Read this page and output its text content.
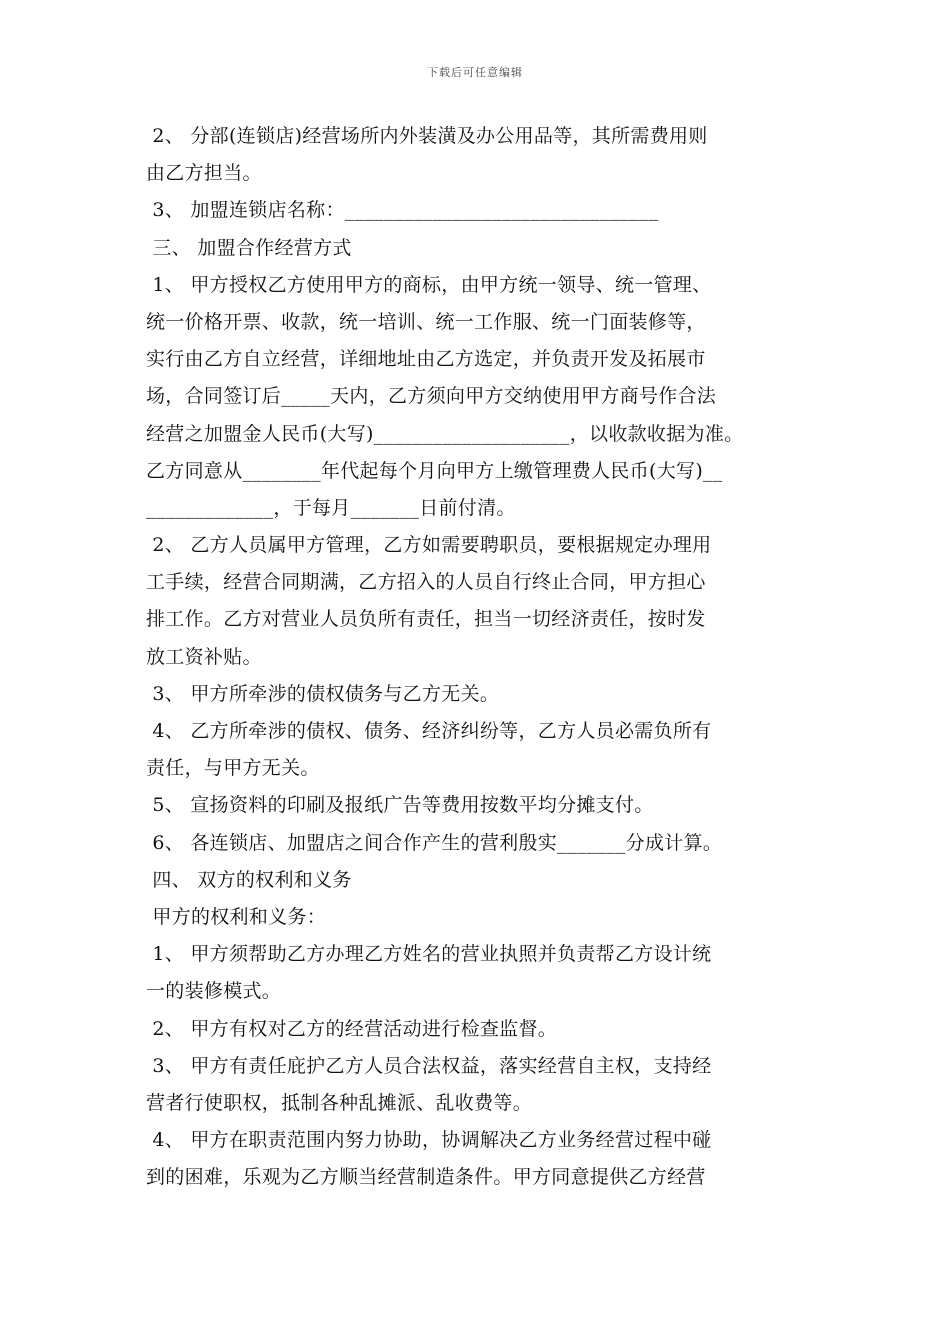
下载后可任意编辑
2、 分部(连锁店)经营场所内外装潢及办公用品等，其所需费用则
由乙方担当。
3、 加盟连锁店名称：________________________________
三、 加盟合作经营方式
1、 甲方授权乙方使用甲方的商标，由甲方统一领导、统一管理、
统一价格开票、收款，统一培训、统一工作服、统一门面装修等，
实行由乙方自立经营，详细地址由乙方选定，并负责开发及拓展市
场，合同签订后_____天内，乙方须向甲方交纳使用甲方商号作合法
经营之加盟金人民币(大写)____________________，以收款收据为准。
乙方同意从________年代起每个月向甲方上缴管理费人民币(大写)__
_____________，于每月_______日前付清。
2、 乙方人员属甲方管理，乙方如需要聘职员，要根据规定办理用
工手续，经营合同期满，乙方招入的人员自行终止合同，甲方担心
排工作。乙方对营业人员负所有责任，担当一切经济责任，按时发
放工资补贴。
3、 甲方所牵涉的债权债务与乙方无关。
4、 乙方所牵涉的债权、债务、经济纠纷等，乙方人员必需负所有
责任，与甲方无关。
5、 宣扬资料的印刷及报纸广告等费用按数平均分摊支付。
6、 各连锁店、加盟店之间合作产生的营利殷实_______分成计算。
四、 双方的权利和义务
甲方的权利和义务：
1、 甲方须帮助乙方办理乙方姓名的营业执照并负责帮乙方设计统
一的装修模式。
2、 甲方有权对乙方的经营活动进行检查监督。
3、 甲方有责任庇护乙方人员合法权益，落实经营自主权，支持经
营者行使职权，抵制各种乱摊派、乱收费等。
4、 甲方在职责范围内努力协助，协调解决乙方业务经营过程中碰
到的困难，乐观为乙方顺当经营制造条件。甲方同意提供乙方经营
